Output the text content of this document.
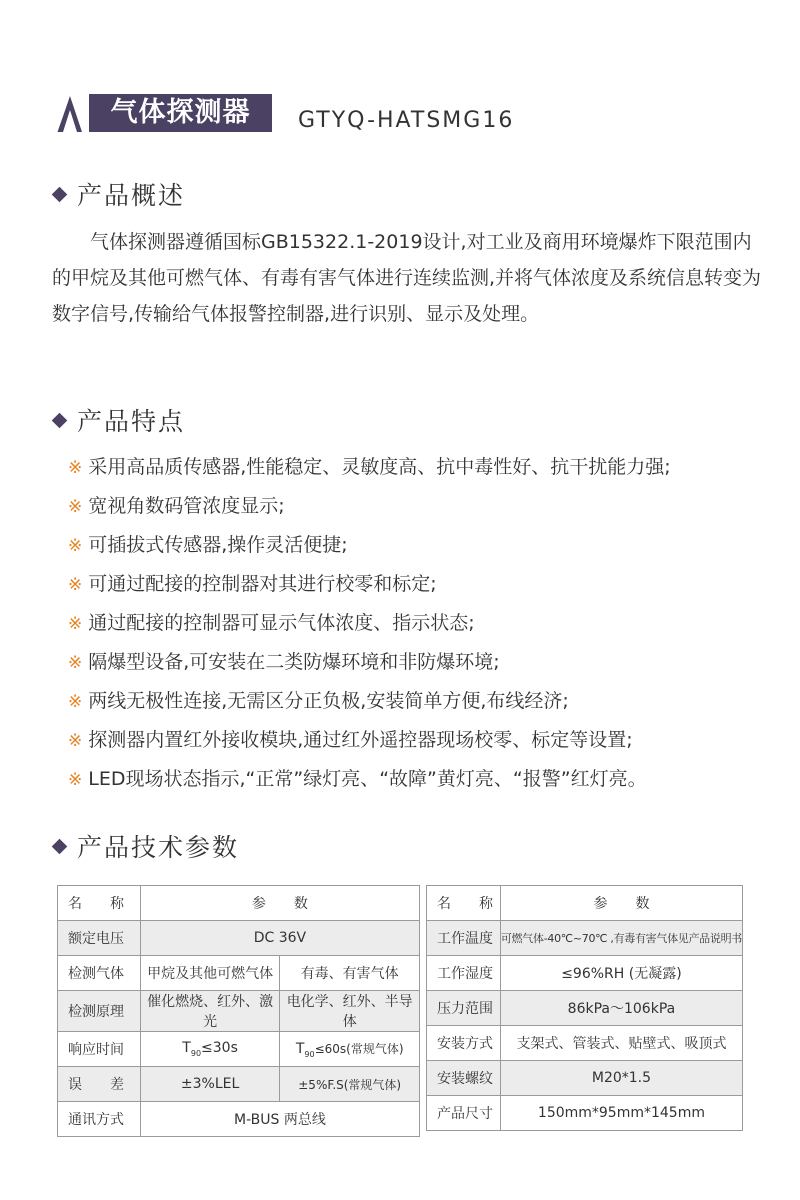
气体探测器	GTYQ-HATSMG16
产品概述
气体探测器遵循国标GB15322.1-2019设计,对工业及商用环境爆炸下限范围内的甲烷及其他可燃气体、有毒有害气体进行连续监测,并将气体浓度及系统信息转变为数字信号,传输给气体报警控制器,进行识别、显示及处理。
产品特点
※ 采用高品质传感器,性能稳定、灵敏度高、抗中毒性好、抗干扰能力强;
※ 宽视角数码管浓度显示;
※ 可插拔式传感器,操作灵活便捷;
※ 可通过配接的控制器对其进行校零和标定;
※ 通过配接的控制器可显示气体浓度、指示状态;
※ 隔爆型设备,可安装在二类防爆环境和非防爆环境;
※ 两线无极性连接,无需区分正负极,安装简单方便,布线经济;
※ 探测器内置红外接收模块,通过红外遥控器现场校零、标定等设置;
※ LED现场状态指示,“正常”绿灯亮、“故障”黄灯亮、“报警”红灯亮。
产品技术参数
名　　称	参　　数	
额定电压	DC 36V	
检测气体	甲烷及其他可燃气体	有毒、有害气体
检测原理	催化燃烧、红外、激光	电化学、红外、半导体
响应时间	$T_{90}\le 30s$	$T_{90}\le 60s$(常规气体)
误　　差	±3%LEL	±5%F.S(常规气体)
通讯方式	M-BUS 两总线	
名　　称	参　　数
工作温度	可燃气体-40℃~70℃ ,有毒有害气体见产品说明书
工作湿度	≤96%RH (无凝露)
压力范围	86kPa～106kPa
安装方式	支架式、管装式、贴壁式、吸顶式
安装螺纹	M20*1.5
产品尺寸	150mm*95mm*145mm
